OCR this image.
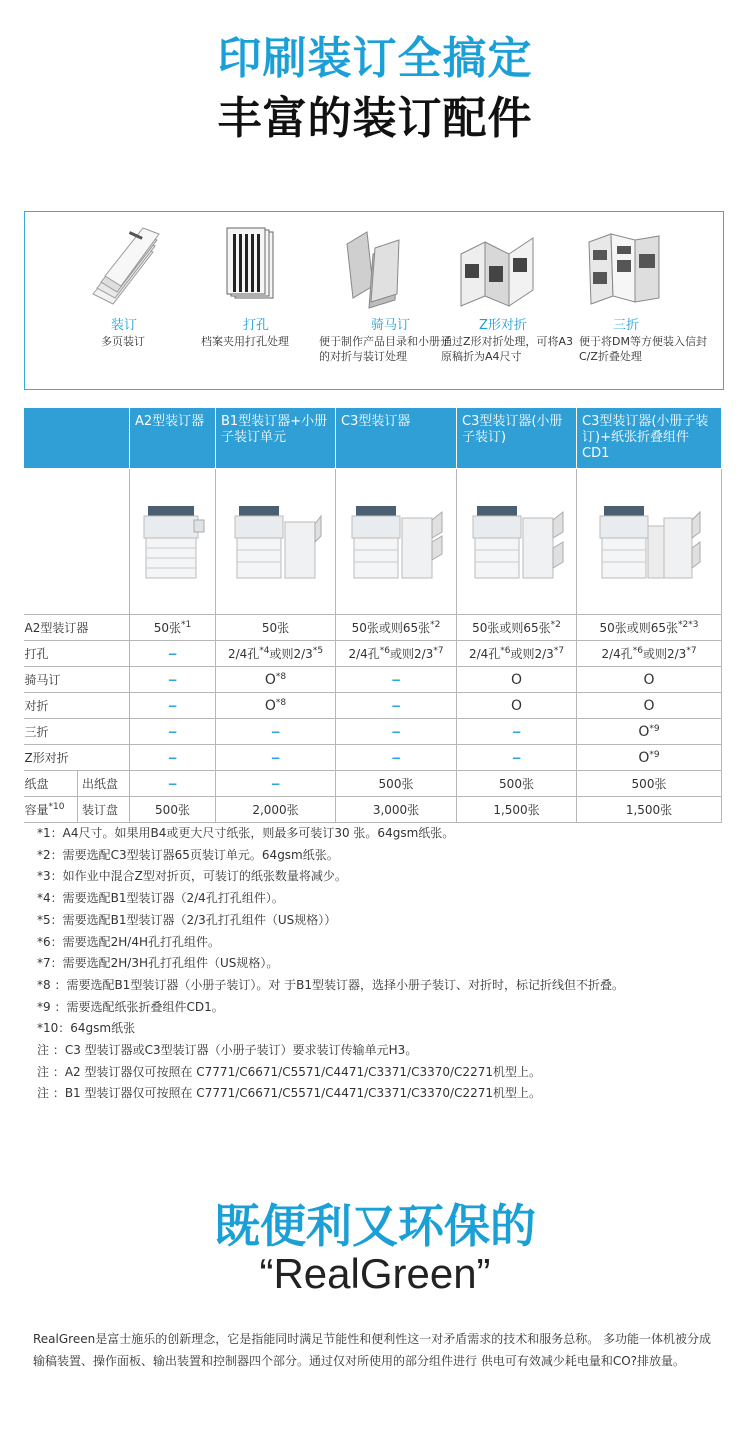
印刷装订全搞定
丰富的装订配件
装订
多页装订
打孔
档案夹用打孔处理
骑马订
便于制作产品目录和小册子的对折与装订处理
Z形对折
通过Z形对折处理，可将A3原稿折为A4尺寸
三折
便于将DM等方便装入信封C/Z折叠处理
		A2型装订器	B1型装订器+小册子装订单元	C3型装订器	C3型装订器(小册子装订)	C3型装订器(小册子装订)+纸张折叠组件CD1

A2型装订器		50张$^{*1}$	50张	50张或则65张$^{*2}$	50张或则65张$^{*2}$	50张或则65张$^{*2*3}$
打孔		−	2/4孔$^{*4}$或则2/3$^{*5}$	2/4孔$^{*6}$或则2/3$^{*7}$	2/4孔$^{*6}$或则2/3$^{*7}$	2/4孔$^{*6}$或则2/3$^{*7}$
骑马订		−	$O^{*8}$	−	O	O
对折		−	$O^{*8}$	−	O	O
三折		−	−	−	−	$O^{*9}$
Z形对折		−	−	−	−	$O^{*9}$
纸盘	出纸盘	−	−	500张	500张	500张
容量$^{*10}$	装订盘	500张	2,000张	3,000张	1,500张	1,500张
*1：A4尺寸。如果用B4或更大尺寸纸张，则最多可装订30 张。64gsm纸张。
*2：需要选配C3型装订器65页装订单元。64gsm纸张。
*3：如作业中混合Z型对折页，可装订的纸张数量将减少。
*4：需要选配B1型装订器（2/4孔打孔组件）。
*5：需要选配B1型装订器（2/3孔打孔组件（US规格））
*6：需要选配2H/4H孔打孔组件。
*7：需要选配2H/3H孔打孔组件（US规格）。
*8 ：需要选配B1型装订器（小册子装订）。对 于B1型装订器，选择小册子装订、对折时，标记折线但不折叠。
*9 ：需要选配纸张折叠组件CD1。
*10：64gsm纸张
注 ：C3 型装订器或C3型装订器（小册子装订）要求装订传输单元H3。
注 ：A2 型装订器仅可按照在 C7771/C6671/C5571/C4471/C3371/C3370/C2271机型上。
注 ：B1 型装订器仅可按照在 C7771/C6671/C5571/C4471/C3371/C3370/C2271机型上。
既便利又环保的
“RealGreen”
RealGreen是富士施乐的创新理念，它是指能同时满足节能性和便利性这一对矛盾需求的技术和服务总称。 多功能一体机被分成输稿装置、操作面板、输出装置和控制器四个部分。通过仅对所使用的部分组件进行 供电可有效减少耗电量和CO?排放量。
